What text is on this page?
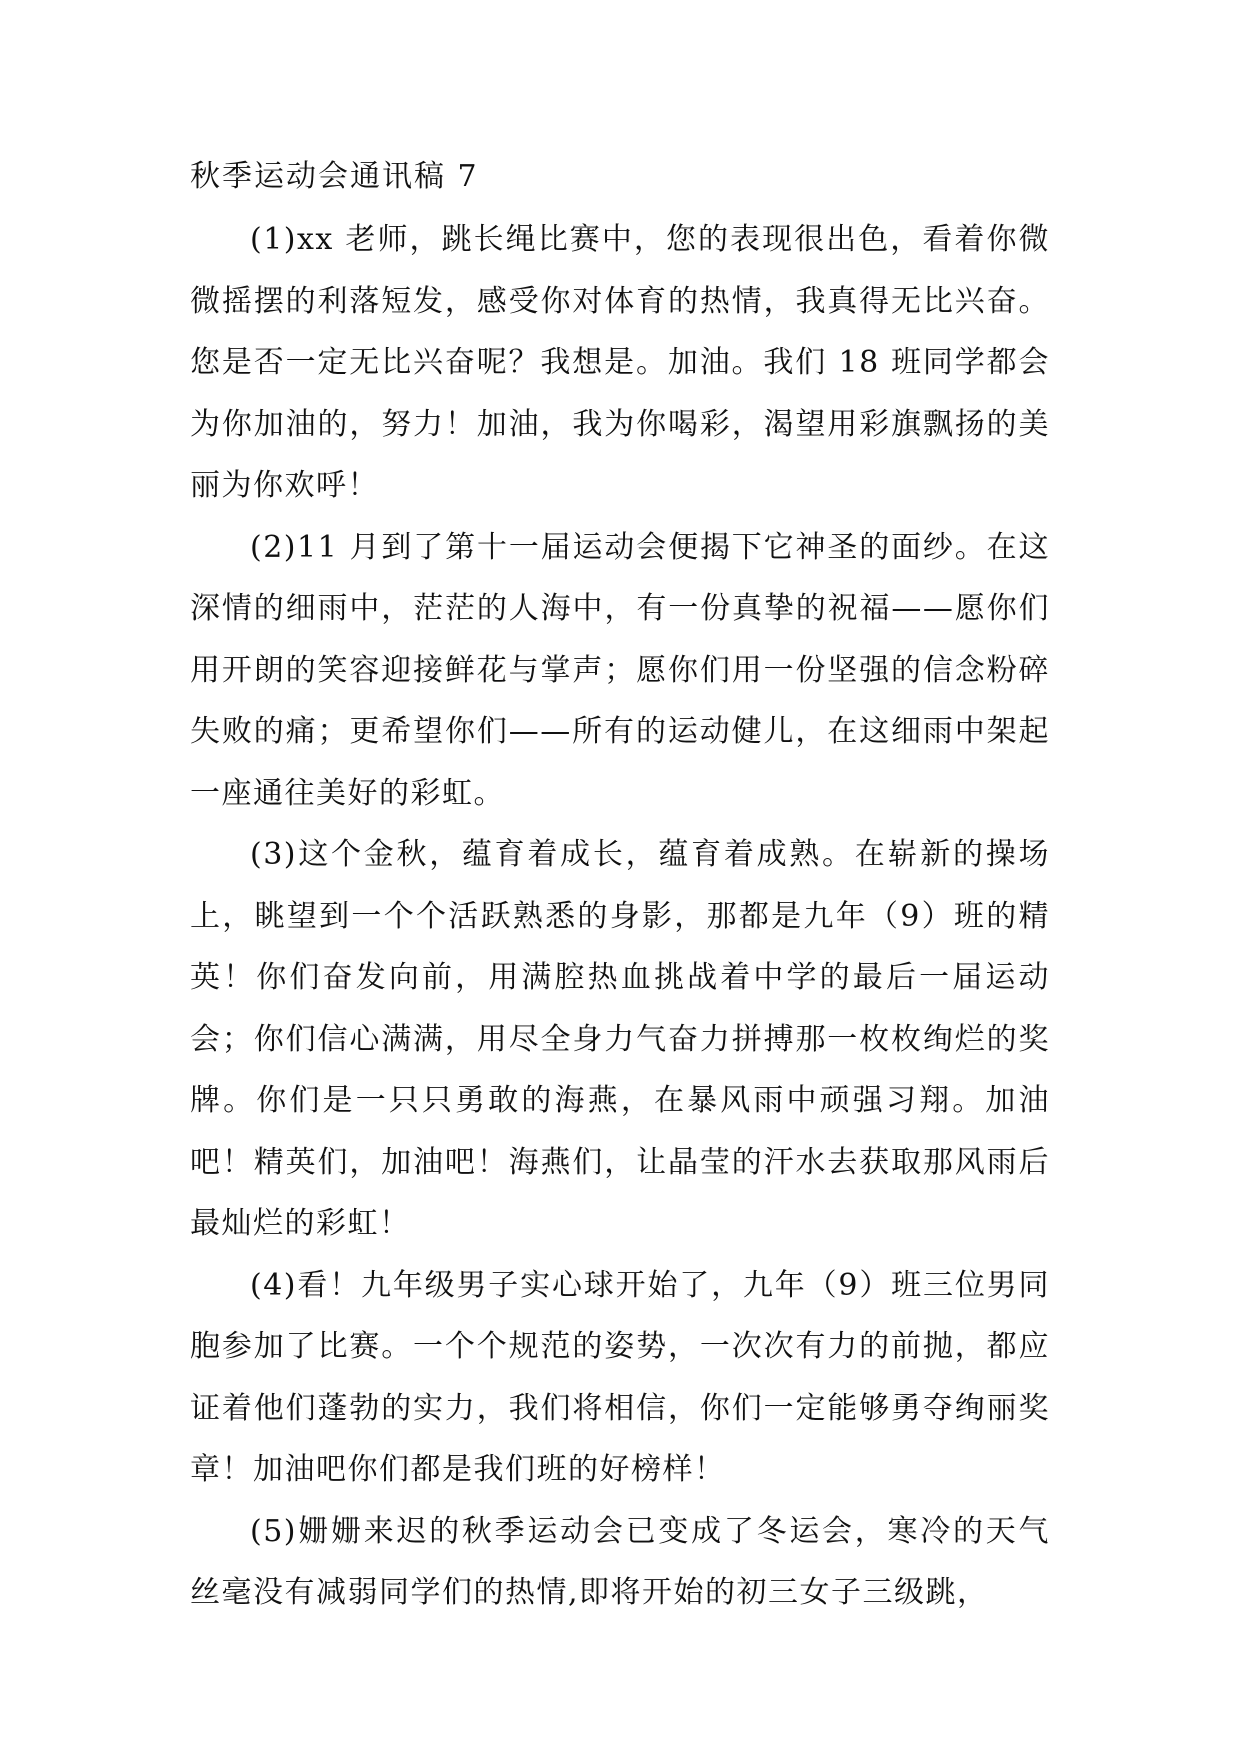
秋季运动会通讯稿 7

(1)xx 老师，跳长绳比赛中，您的表现很出色，看着你微微摇摆的利落短发，感受你对体育的热情，我真得无比兴奋。您是否一定无比兴奋呢？我想是。加油。我们 18 班同学都会为你加油的，努力！加油，我为你喝彩，渴望用彩旗飘扬的美丽为你欢呼！

(2)11 月到了第十一届运动会便揭下它神圣的面纱。在这深情的细雨中，茫茫的人海中，有一份真挚的祝福——愿你们用开朗的笑容迎接鲜花与掌声；愿你们用一份坚强的信念粉碎失败的痛；更希望你们——所有的运动健儿，在这细雨中架起一座通往美好的彩虹。

(3)这个金秋，蕴育着成长，蕴育着成熟。在崭新的操场上，眺望到一个个活跃熟悉的身影，那都是九年（9）班的精英！你们奋发向前，用满腔热血挑战着中学的最后一届运动会；你们信心满满，用尽全身力气奋力拼搏那一枚枚绚烂的奖牌。你们是一只只勇敢的海燕，在暴风雨中顽强习翔。加油吧！精英们，加油吧！海燕们，让晶莹的汗水去获取那风雨后最灿烂的彩虹！

(4)看！九年级男子实心球开始了，九年（9）班三位男同胞参加了比赛。一个个规范的姿势，一次次有力的前抛，都应证着他们蓬勃的实力，我们将相信，你们一定能够勇夺绚丽奖章！加油吧你们都是我们班的好榜样！

(5)姗姗来迟的秋季运动会已变成了冬运会，寒冷的天气丝毫没有减弱同学们的热情,即将开始的初三女子三级跳，
